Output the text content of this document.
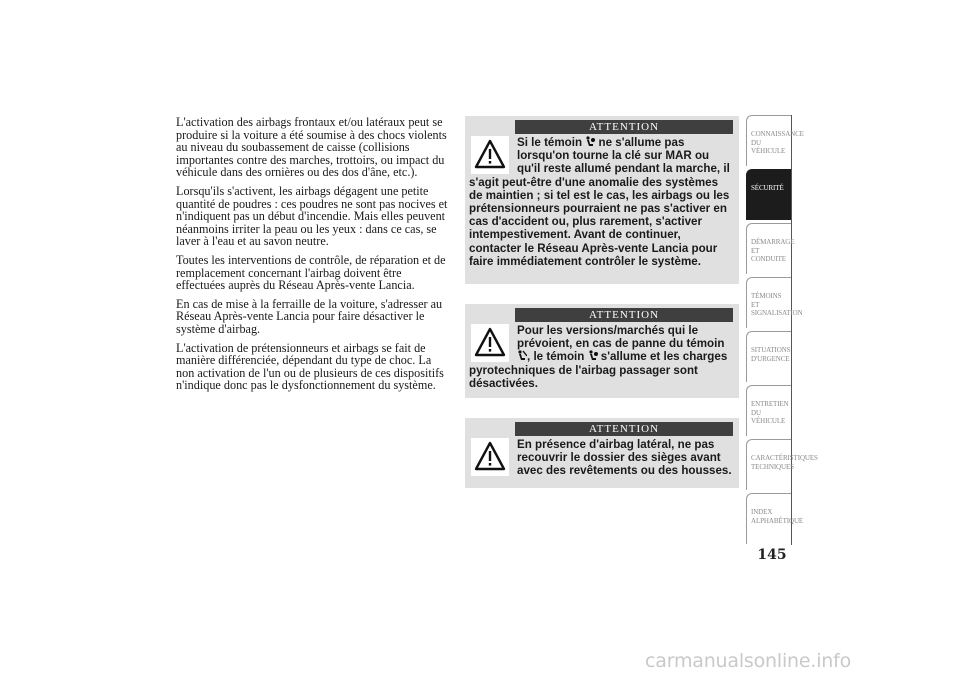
L'activation des airbags frontaux et/ou latéraux peut se produire si la voiture a été soumise à des chocs violents au niveau du soubassement de caisse (collisions importantes contre des marches, trottoirs, ou impact du véhicule dans des ornières ou des dos d'âne, etc.).

Lorsqu'ils s'activent, les airbags dégagent une petite quantité de poudres : ces poudres ne sont pas nocives et n'indiquent pas un début d'incendie. Mais elles peuvent néanmoins irriter la peau ou les yeux : dans ce cas, se laver à l'eau et au savon neutre.

Toutes les interventions de contrôle, de réparation et de remplacement concernant l'airbag doivent être effectuées auprès du Réseau Après-vente Lancia.

En cas de mise à la ferraille de la voiture, s'adresser au Réseau Après-vente Lancia pour faire désactiver le système d'airbag.

L'activation de prétensionneurs et airbags se fait de manière différenciée, dépendant du type de choc. La non activation de l'un ou de plusieurs de ces dispositifs n'indique donc pas le dysfonctionnement du système.

ATTENTION

Si le témoin  ne s'allume pas lorsqu'on tourne la clé sur MAR ou qu'il reste allumé pendant la marche, il s'agit peut-être d'une anomalie des systèmes de maintien ; si tel est le cas, les airbags ou les prétensionneurs pourraient ne pas s'activer en cas d'accident ou, plus rarement, s'activer intempestivement. Avant de continuer, contacter le Réseau Après-vente Lancia pour faire immédiatement contrôler le système.

ATTENTION

Pour les versions/marchés qui le prévoient, en cas de panne du témoin , le témoin  s'allume et les charges pyrotechniques de l'airbag passager sont désactivées.

ATTENTION

En présence d'airbag latéral, ne pas recouvrir le dossier des sièges avant avec des revêtements ou des housses.

CONNAISSANCE DU
VÉHICULE
SÉCURITÉ

DÉMARRAGE ET
CONDUITE
TÉMOINS ET
SIGNALISATION
SITUATIONS
D'URGENCE
ENTRETIEN DU
VÉHICULE
CARACTÉRISTIQUES
TECHNIQUES
INDEX
ALPHABÉTIQUE
145
carmanualsonline.info
